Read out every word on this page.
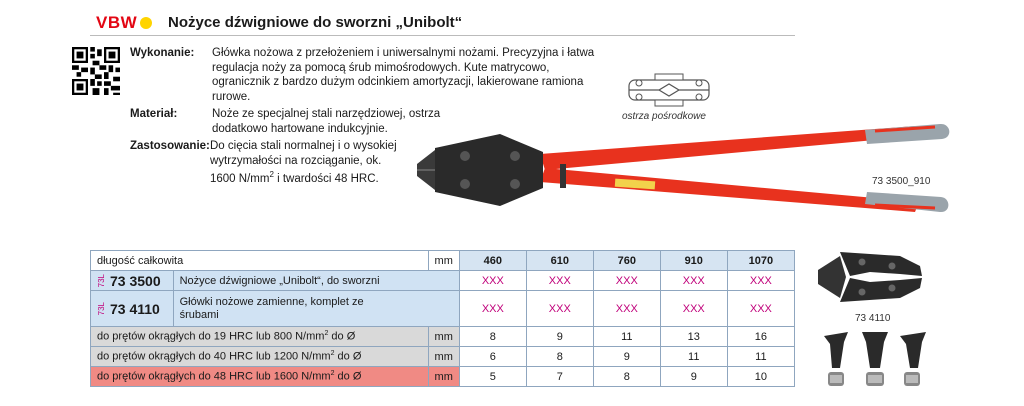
VBW Nożyce dźwigniowe do sworzni „Unibolt“
Wykonanie:	Główka nożowa z przełożeniem i uniwersalnymi nożami. Precyzyjna i łatwa regulacja noży za pomocą śrub mimośrodowych. Kute matrycowo, ogranicznik z bardzo dużym odcinkiem amortyzacji, lakierowane ramiona rurowe.
Materiał:	Noże ze specjalnej stali narzędziowej, ostrza dodatkowo hartowane indukcyjnie.
Zastosowanie: Do cięcia stali normalnej i o wysokiej wytrzymałości na rozciąganie, ok. 1600 $N/mm^2$ i twardości 48 HRC.
ostrza pośrodkowe
73 3500_910
73 4110
długość całkowita		mm	460	610	760	910	1070

73L 73 3500	Nożyce dźwigniowe „Unibolt“, do sworzni		XXX	XXX	XXX	XXX	XXX

73L 73 4110	Główki nożowe zamienne, komplet ze śrubami		XXX	XXX	XXX	XXX	XXX
do prętów okrągłych do 19 HRC lub 800 $N/mm^2$ do Ø		mm	8	9	11	13	16
do prętów okrągłych do 40 HRC lub 1200 $N/mm^2$ do Ø		mm	6	8	9	11	11
do prętów okrągłych do 48 HRC lub 1600 $N/mm^2$ do Ø		mm	5	7	8	9	10
